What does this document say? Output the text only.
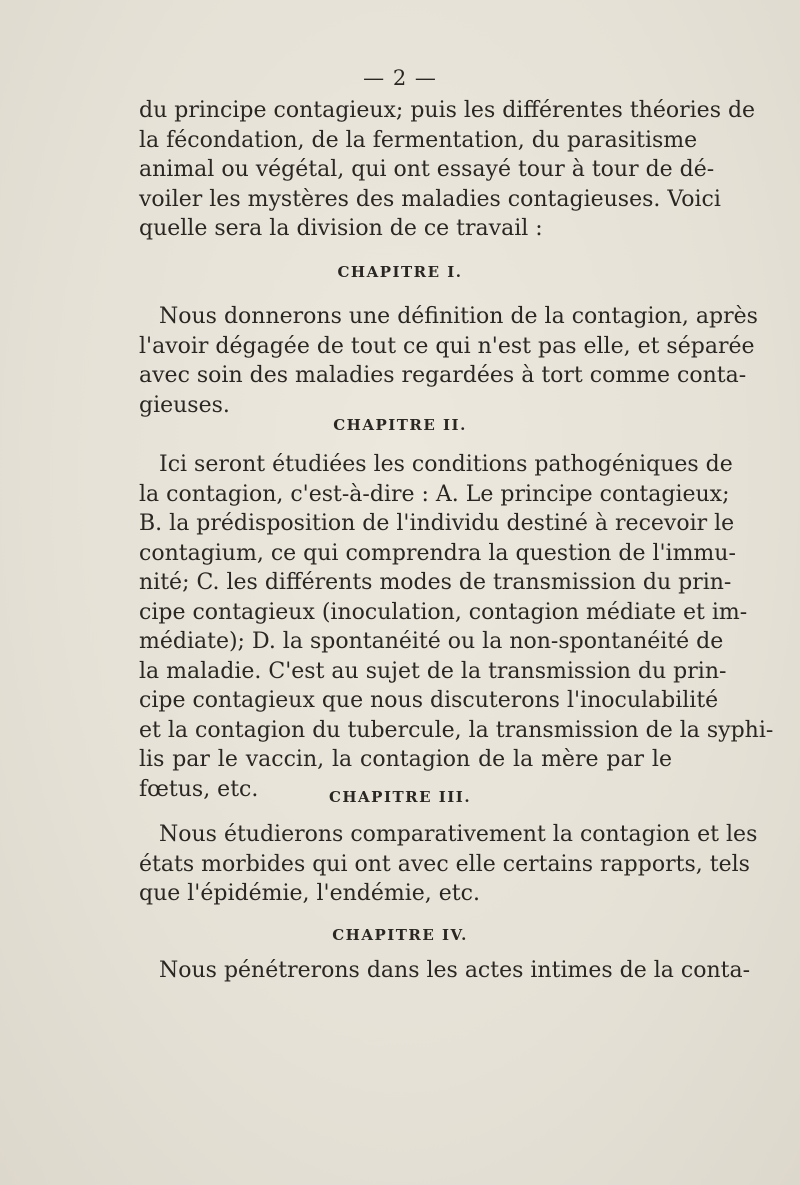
— 2 —
du principe contagieux; puis les différentes théories de
la fécondation, de la fermentation, du parasitisme
animal ou végétal, qui ont essayé tour à tour de dé-
voiler les mystères des maladies contagieuses. Voici
quelle sera la division de ce travail :
CHAPITRE I.
Nous donnerons une définition de la contagion, après
l'avoir dégagée de tout ce qui n'est pas elle, et séparée
avec soin des maladies regardées à tort comme conta-
gieuses.
CHAPITRE II.
Ici seront étudiées les conditions pathogéniques de
la contagion, c'est-à-dire : A. Le principe contagieux;
B. la prédisposition de l'individu destiné à recevoir le
contagium, ce qui comprendra la question de l'immu-
nité; C. les différents modes de transmission du prin-
cipe contagieux (inoculation, contagion médiate et im-
médiate); D. la spontanéité ou la non-spontanéité de
la maladie. C'est au sujet de la transmission du prin-
cipe contagieux que nous discuterons l'inoculabilité
et la contagion du tubercule, la transmission de la syphi-
lis par le vaccin, la contagion de la mère par le
fœtus, etc.	CHAPITRE III.
Nous étudierons comparativement la contagion et les
états morbides qui ont avec elle certains rapports, tels
que l'épidémie, l'endémie, etc.
CHAPITRE IV.
Nous pénétrerons dans les actes intimes de la conta-
